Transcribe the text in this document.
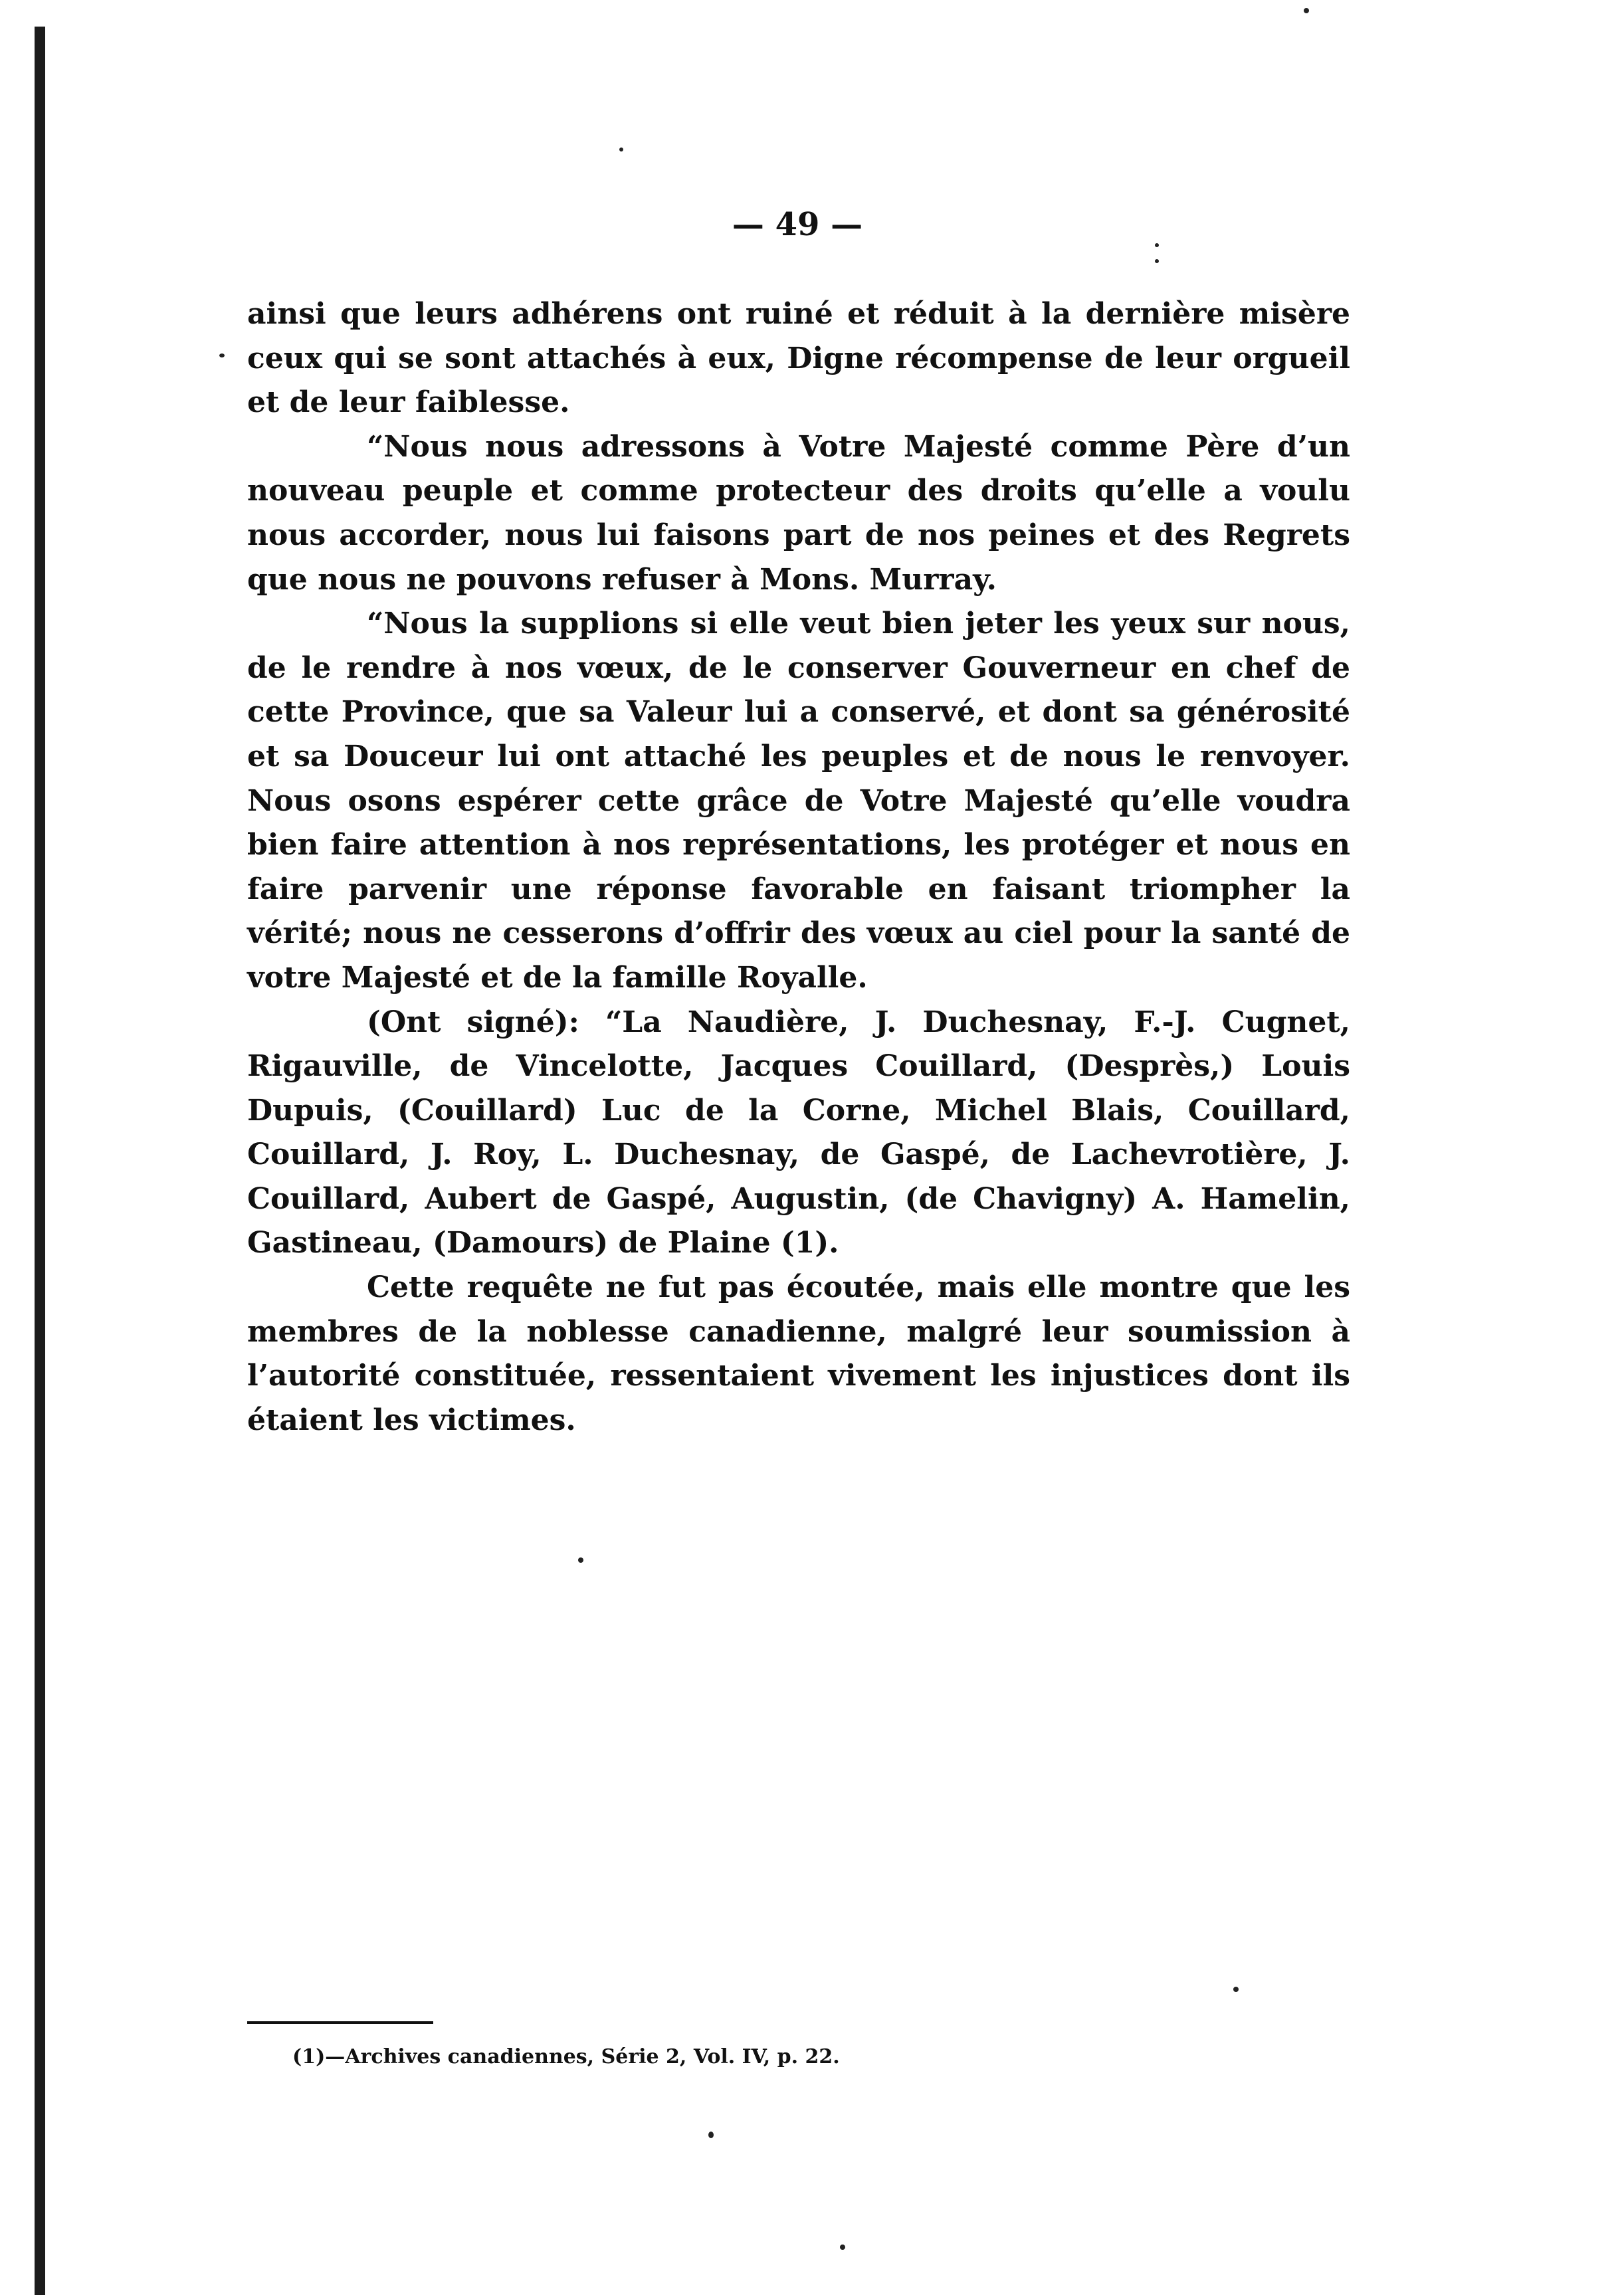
— 49 —

ainsi que leurs adhérens ont ruiné et réduit à la dernière misère ceux qui se sont attachés à eux, Digne récompense de leur orgueil et de leur faiblesse.

“Nous nous adressons à Votre Majesté comme Père d’un nouveau peuple et comme protecteur des droits qu’elle a voulu nous accorder, nous lui faisons part de nos peines et des Regrets que nous ne pouvons refuser à Mons. Murray.

“Nous la supplions si elle veut bien jeter les yeux sur nous, de le rendre à nos vœux, de le conserver Gouverneur en chef de cette Province, que sa Valeur lui a conservé, et dont sa générosité et sa Douceur lui ont attaché les peuples et de nous le renvoyer. Nous osons espérer cette grâce de Votre Majesté qu’elle voudra bien faire attention à nos représentations, les protéger et nous en faire parvenir une réponse favorable en faisant triompher la vérité; nous ne cesserons d’offrir des vœux au ciel pour la santé de votre Majesté et de la famille Royalle.

(Ont signé): “La Naudière, J. Duchesnay, F.-J. Cugnet, Rigauville, de Vincelotte, Jacques Couillard, (Desprès,) Louis Dupuis, (Couillard) Luc de la Corne, Michel Blais, Couillard, Couillard, J. Roy, L. Duchesnay, de Gaspé, de Lachevrotière, J. Couillard, Aubert de Gaspé, Augustin, (de Chavigny) A. Hamelin, Gastineau, (Damours) de Plaine (1).

Cette requête ne fut pas écoutée, mais elle montre que les membres de la noblesse canadienne, malgré leur soumission à l’autorité constituée, ressentaient vivement les injustices dont ils étaient les victimes.

(1)—Archives canadiennes, Série 2, Vol. IV, p. 22.
